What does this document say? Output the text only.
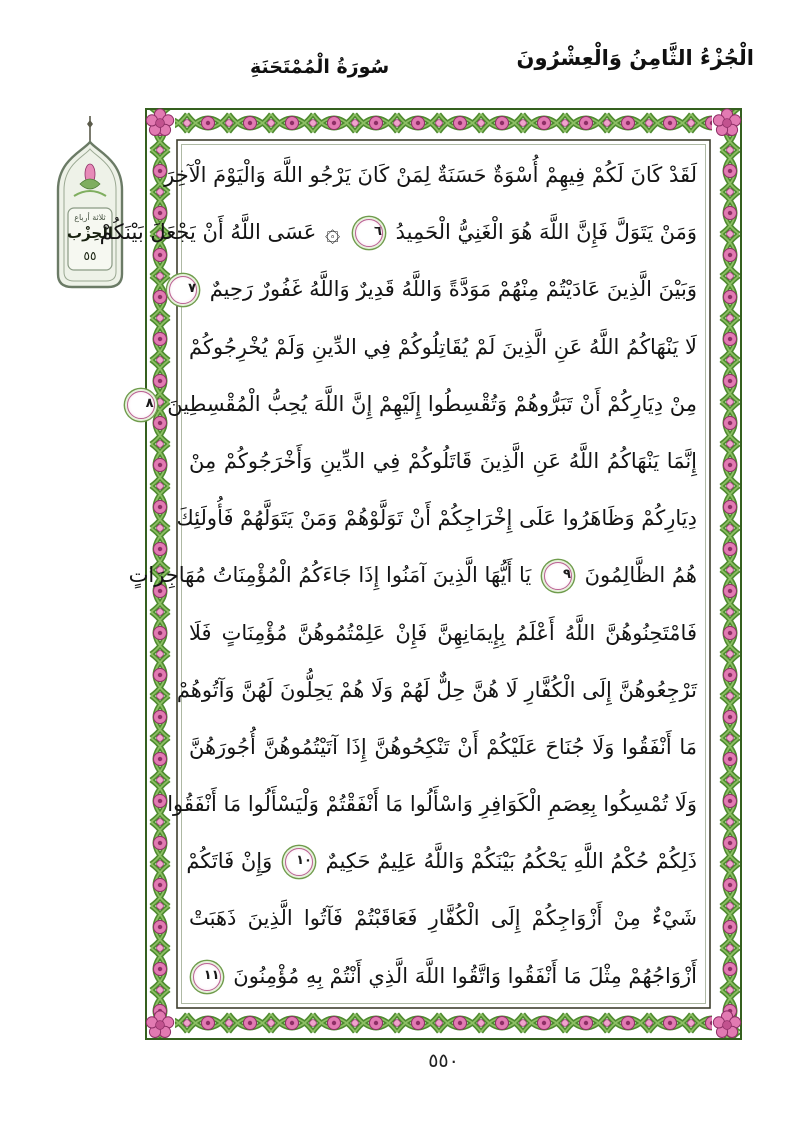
الْجُزْءُ الثَّامِنُ وَالْعِشْرُونَ
سُورَةُ الْمُمْتَحَنَةِ
ثلاثة أرباع
الحِزْب
٥٥
لَقَدْ كَانَ لَكُمْ فِيهِمْ أُسْوَةٌ حَسَنَةٌ لِمَنْ كَانَ يَرْجُو اللَّهَ وَالْيَوْمَ الْآخِرَ
وَمَنْ يَتَوَلَّ فَإِنَّ اللَّهَ هُوَ الْغَنِيُّ الْحَمِيدُ ٦ ۞ عَسَى اللَّهُ أَنْ يَجْعَلَ بَيْنَكُمْ
وَبَيْنَ الَّذِينَ عَادَيْتُمْ مِنْهُمْ مَوَدَّةً وَاللَّهُ قَدِيرٌ وَاللَّهُ غَفُورٌ رَحِيمٌ ٧
لَا يَنْهَاكُمُ اللَّهُ عَنِ الَّذِينَ لَمْ يُقَاتِلُوكُمْ فِي الدِّينِ وَلَمْ يُخْرِجُوكُمْ
مِنْ دِيَارِكُمْ أَنْ تَبَرُّوهُمْ وَتُقْسِطُوا إِلَيْهِمْ إِنَّ اللَّهَ يُحِبُّ الْمُقْسِطِينَ ٨
إِنَّمَا يَنْهَاكُمُ اللَّهُ عَنِ الَّذِينَ قَاتَلُوكُمْ فِي الدِّينِ وَأَخْرَجُوكُمْ مِنْ
دِيَارِكُمْ وَظَاهَرُوا عَلَى إِخْرَاجِكُمْ أَنْ تَوَلَّوْهُمْ وَمَنْ يَتَوَلَّهُمْ فَأُولَئِكَ
هُمُ الظَّالِمُونَ ٩ يَا أَيُّهَا الَّذِينَ آمَنُوا إِذَا جَاءَكُمُ الْمُؤْمِنَاتُ مُهَاجِرَاتٍ
فَامْتَحِنُوهُنَّ اللَّهُ أَعْلَمُ بِإِيمَانِهِنَّ فَإِنْ عَلِمْتُمُوهُنَّ مُؤْمِنَاتٍ فَلَا
تَرْجِعُوهُنَّ إِلَى الْكُفَّارِ لَا هُنَّ حِلٌّ لَهُمْ وَلَا هُمْ يَحِلُّونَ لَهُنَّ وَآتُوهُمْ
مَا أَنْفَقُوا وَلَا جُنَاحَ عَلَيْكُمْ أَنْ تَنْكِحُوهُنَّ إِذَا آتَيْتُمُوهُنَّ أُجُورَهُنَّ
وَلَا تُمْسِكُوا بِعِصَمِ الْكَوَافِرِ وَاسْأَلُوا مَا أَنْفَقْتُمْ وَلْيَسْأَلُوا مَا أَنْفَقُوا
ذَلِكُمْ حُكْمُ اللَّهِ يَحْكُمُ بَيْنَكُمْ وَاللَّهُ عَلِيمٌ حَكِيمٌ ١٠ وَإِنْ فَاتَكُمْ
شَيْءٌ مِنْ أَزْوَاجِكُمْ إِلَى الْكُفَّارِ فَعَاقَبْتُمْ فَآتُوا الَّذِينَ ذَهَبَتْ
أَزْوَاجُهُمْ مِثْلَ مَا أَنْفَقُوا وَاتَّقُوا اللَّهَ الَّذِي أَنْتُمْ بِهِ مُؤْمِنُونَ ١١
٥٥٠
